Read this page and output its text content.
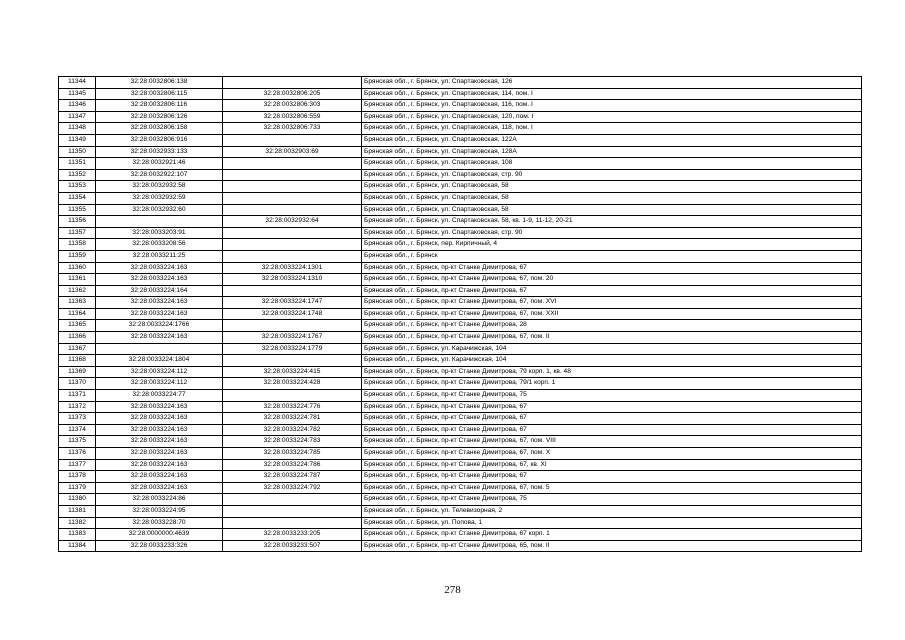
11344	32:28:0032806:138		Брянская обл., г. Брянск, ул. Спартаковская, 126
11345	32:28:0032806:115	32:28:0032806:205	Брянская обл., г. Брянск, ул. Спартаковская, 114, пом. I
11346	32:28:0032806:116	32:28:0032806:303	Брянская обл., г. Брянск, ул. Спартаковская, 116, пом. I
11347	32:28:0032806:126	32:28:0032806:559	Брянская обл., г. Брянск, ул. Спартаковская, 120, пом. I
11348	32:28:0032806:158	32:28:0032806:733	Брянская обл., г. Брянск, ул. Спартаковская, 118, пом. I
11349	32:28:0032806:916		Брянская обл., г. Брянск, ул. Спартаковская, 122А
11350	32:28:0032933:133	32:28:0032903:69	Брянская обл., г. Брянск, ул. Спартаковская, 128А
11351	32:28:0032921:46		Брянская обл., г. Брянск, ул. Спартаковская, 108
11352	32:28:0032922:107		Брянская обл., г. Брянск, ул. Спартаковская, стр. 90
11353	32:28:0032932:58		Брянская обл., г. Брянск, ул. Спартаковская, 58
11354	32:28:0032932:59		Брянская обл., г. Брянск, ул. Спартаковская, 58
11355	32:28:0032932:60		Брянская обл., г. Брянск, ул. Спартаковская, 58
11356		32:28:0032932:64	Брянская обл., г. Брянск, ул. Спартаковская, 58, кв. 1-9, 11-12, 20-21
11357	32:28:0033203:91		Брянская обл., г. Брянск, ул. Спартаковская, стр. 90
11358	32:28:0033208:56		Брянская обл., г. Брянск, пер. Кирпичный, 4
11359	32:28:0033211:25		Брянская обл., г. Брянск
11360	32:28:0033224:163	32:28:0033224:1301	Брянская обл., г. Брянск, пр-кт Станке Димитрова, 67
11361	32:28:0033224:163	32:28:0033224:1310	Брянская обл., г. Брянск, пр-кт Станке Димитрова, 67, пом. 20
11362	32:28:0033224:164		Брянская обл., г. Брянск, пр-кт Станке Димитрова, 67
11363	32:28:0033224:163	32:28:0033224:1747	Брянская обл., г. Брянск, пр-кт Станке Димитрова, 67, пом. XVI
11364	32:28:0033224:163	32:28:0033224:1748	Брянская обл., г. Брянск, пр-кт Станке Димитрова, 67, пом. XXII
11365	32:28:0033224:1766		Брянская обл., г. Брянск, пр-кт Станке Димитрова, 28
11366	32:28:0033224:163	32:28:0033224:1767	Брянская обл., г. Брянск, пр-кт Станке Димитрова, 67, пом. II
11367		32:28:0033224:1779	Брянская обл., г. Брянск, ул. Карачижская, 104
11368	32:28:0033224:1804		Брянская обл., г. Брянск, ул. Карачижская, 104
11369	32:28:0033224:112	32:28:0033224:415	Брянская обл., г. Брянск, пр-кт Станке Димитрова, 79 корп. 1, кв. 48
11370	32:28:0033224:112	32:28:0033224:428	Брянская обл., г. Брянск, пр-кт Станке Димитрова, 79/1 корп. 1
11371	32:28:0033224:77		Брянская обл., г. Брянск, пр-кт Станке Димитрова, 75
11372	32:28:0033224:163	32:28:0033224:776	Брянская обл., г. Брянск, пр-кт Станке Димитрова, 67
11373	32:28:0033224:163	32:28:0033224:781	Брянская обл., г. Брянск, пр-кт Станке Димитрова, 67
11374	32:28:0033224:163	32:28:0033224:782	Брянская обл., г. Брянск, пр-кт Станке Димитрова, 67
11375	32:28:0033224:163	32:28:0033224:783	Брянская обл., г. Брянск, пр-кт Станке Димитрова, 67, пом. VIII
11376	32:28:0033224:163	32:28:0033224:785	Брянская обл., г. Брянск, пр-кт Станке Димитрова, 67, пом. X
11377	32:28:0033224:163	32:28:0033224:786	Брянская обл., г. Брянск, пр-кт Станке Димитрова, 67, кв. XI
11378	32:28:0033224:163	32:28:0033224:787	Брянская обл., г. Брянск, пр-кт Станке Димитрова, 67
11379	32:28:0033224:163	32:28:0033224:792	Брянская обл., г. Брянск, пр-кт Станке Димитрова, 67, пом. 5
11380	32:28:0033224:86		Брянская обл., г. Брянск, пр-кт Станке Димитрова, 75
11381	32:28:0033224:95		Брянская обл., г. Брянск, ул. Телевизорная, 2
11382	32:28:0033228:70		Брянская обл., г. Брянск, ул. Попова, 1
11383	32:28:0000000:4639	32:28:0033233:205	Брянская обл., г. Брянск, пр-кт Станке Димитрова, 67 корп. 1
11384	32:28:0033233:326	32:28:0033233:507	Брянская обл., г. Брянск, пр-кт Станке Димитрова, 65, пом. II
278
